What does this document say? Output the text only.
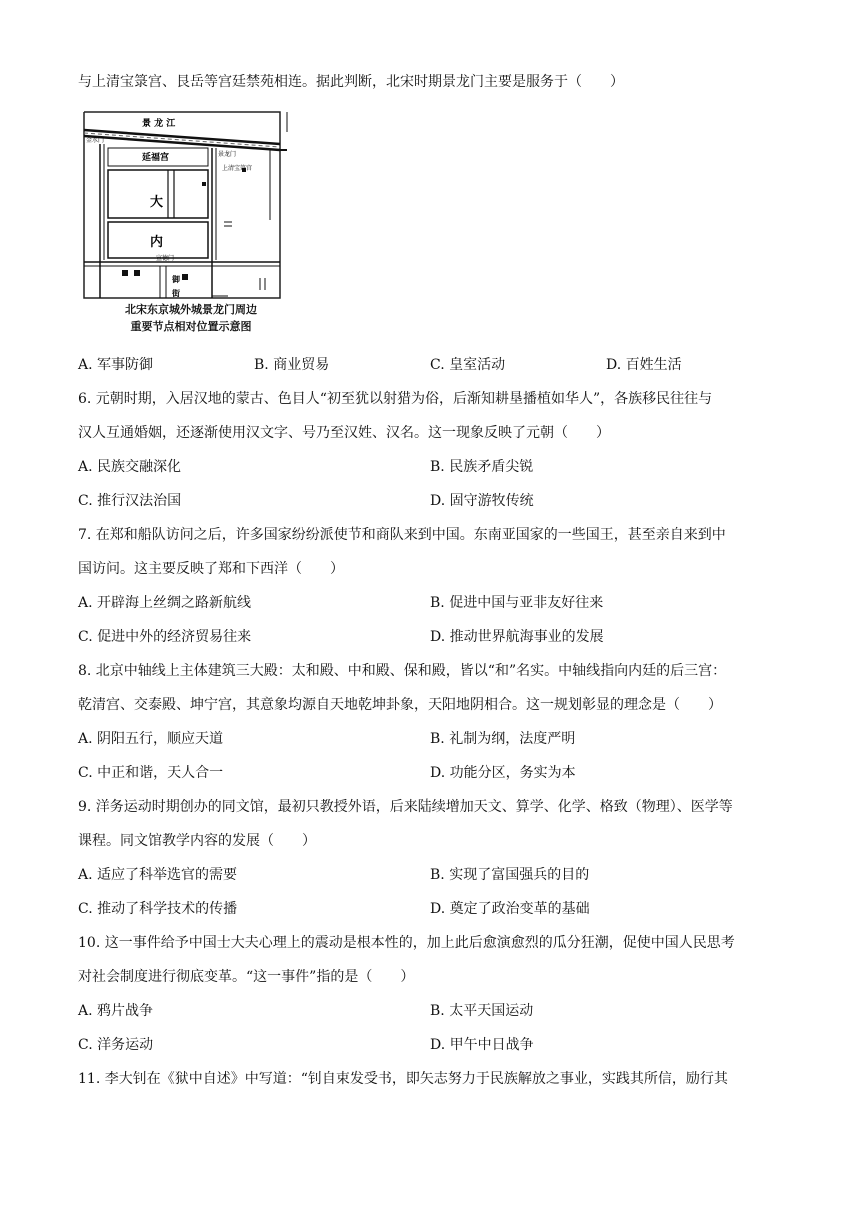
与上清宝箓宫、艮岳等宫廷禁苑相连。据此判断，北宋时期景龙门主要是服务于（　　）
景 龙 江
金水门
延福宫	景龙门
上清宝箓宫
大
内
宣德门
御
街
北宋东京城外城景龙门周边
重要节点相对位置示意图
A. 军事防御	B. 商业贸易	C. 皇室活动	D. 百姓生活
6. 元朝时期，入居汉地的蒙古、色目人“初至犹以射猎为俗，后渐知耕垦播植如华人”，各族移民往往与
汉人互通婚姻，还逐渐使用汉文字、号乃至汉姓、汉名。这一现象反映了元朝（　　）
A. 民族交融深化	B. 民族矛盾尖锐
C. 推行汉法治国	D. 固守游牧传统
7. 在郑和船队访问之后，许多国家纷纷派使节和商队来到中国。东南亚国家的一些国王，甚至亲自来到中
国访问。这主要反映了郑和下西洋（　　）
A. 开辟海上丝绸之路新航线	B. 促进中国与亚非友好往来
C. 促进中外的经济贸易往来	D. 推动世界航海事业的发展
8. 北京中轴线上主体建筑三大殿：太和殿、中和殿、保和殿，皆以“和”名实。中轴线指向内廷的后三宫：
乾清宫、交泰殿、坤宁宫，其意象均源自天地乾坤卦象，天阳地阴相合。这一规划彰显的理念是（　　）
A. 阴阳五行，顺应天道	B. 礼制为纲，法度严明
C. 中正和谐，天人合一	D. 功能分区，务实为本
9. 洋务运动时期创办的同文馆，最初只教授外语，后来陆续增加天文、算学、化学、格致（物理）、医学等
课程。同文馆教学内容的发展（　　）
A. 适应了科举选官的需要	B. 实现了富国强兵的目的
C. 推动了科学技术的传播	D. 奠定了政治变革的基础
10. 这一事件给予中国士大夫心理上的震动是根本性的，加上此后愈演愈烈的瓜分狂潮，促使中国人民思考
对社会制度进行彻底变革。“这一事件”指的是（　　）
A. 鸦片战争	B. 太平天国运动
C. 洋务运动	D. 甲午中日战争
11. 李大钊在《狱中自述》中写道：“钊自束发受书，即矢志努力于民族解放之事业，实践其所信，励行其
